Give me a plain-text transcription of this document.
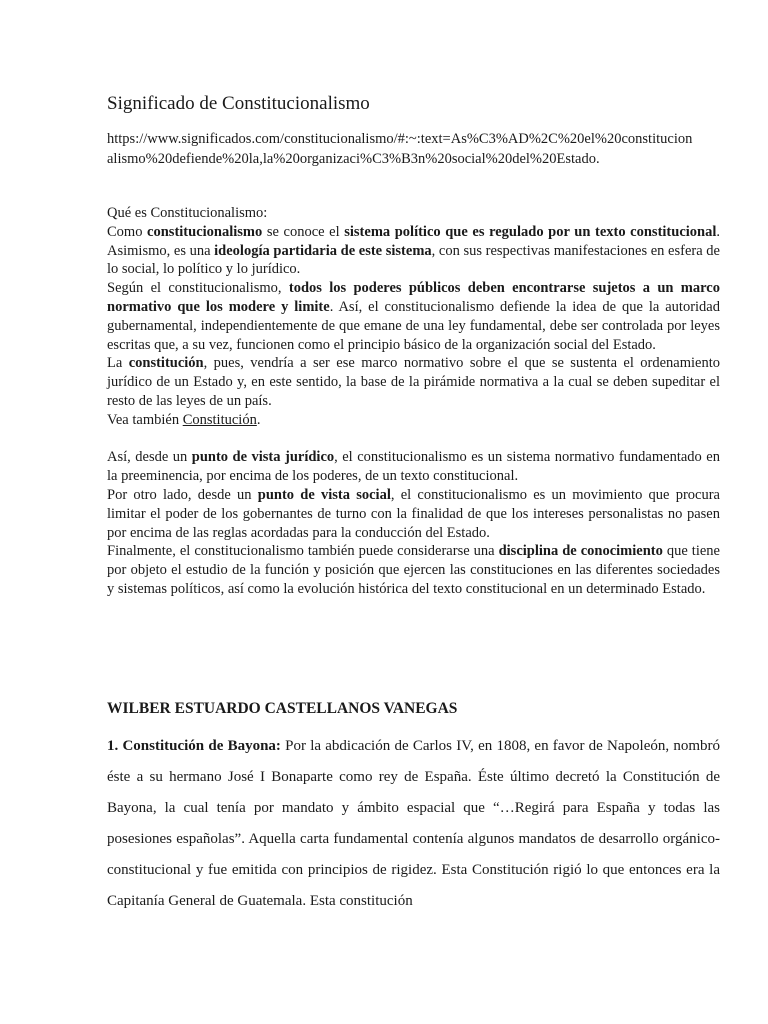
Significado de Constitucionalismo

https://www.significados.com/constitucionalismo/#:~:text=As%C3%AD%2C%20el%20constitucionalismo%20defiende%20la,la%20organizaci%C3%B3n%20social%20del%20Estado.

Qué es Constitucionalismo:

Como constitucionalismo se conoce el sistema político que es regulado por un texto constitucional. Asimismo, es una ideología partidaria de este sistema, con sus respectivas manifestaciones en esfera de lo social, lo político y lo jurídico.

Según el constitucionalismo, todos los poderes públicos deben encontrarse sujetos a un marco normativo que los modere y limite. Así, el constitucionalismo defiende la idea de que la autoridad gubernamental, independientemente de que emane de una ley fundamental, debe ser controlada por leyes escritas que, a su vez, funcionen como el principio básico de la organización social del Estado.

La constitución, pues, vendría a ser ese marco normativo sobre el que se sustenta el ordenamiento jurídico de un Estado y, en este sentido, la base de la pirámide normativa a la cual se deben supeditar el resto de las leyes de un país.

Vea también Constitución.

Así, desde un punto de vista jurídico, el constitucionalismo es un sistema normativo fundamentado en la preeminencia, por encima de los poderes, de un texto constitucional.

Por otro lado, desde un punto de vista social, el constitucionalismo es un movimiento que procura limitar el poder de los gobernantes de turno con la finalidad de que los intereses personalistas no pasen por encima de las reglas acordadas para la conducción del Estado.

Finalmente, el constitucionalismo también puede considerarse una disciplina de conocimiento que tiene por objeto el estudio de la función y posición que ejercen las constituciones en las diferentes sociedades y sistemas políticos, así como la evolución histórica del texto constitucional en un determinado Estado.

WILBER ESTUARDO CASTELLANOS VANEGAS

1. Constitución de Bayona: Por la abdicación de Carlos IV, en 1808, en favor de Napoleón, nombró éste a su hermano José I Bonaparte como rey de España. Éste último decretó la Constitución de Bayona, la cual tenía por mandato y ámbito espacial que “…Regirá para España y todas las posesiones españolas”. Aquella carta fundamental contenía algunos mandatos de desarrollo orgánico-constitucional y fue emitida con principios de rigidez. Esta Constitución rigió lo que entonces era la Capitanía General de Guatemala. Esta constitución
